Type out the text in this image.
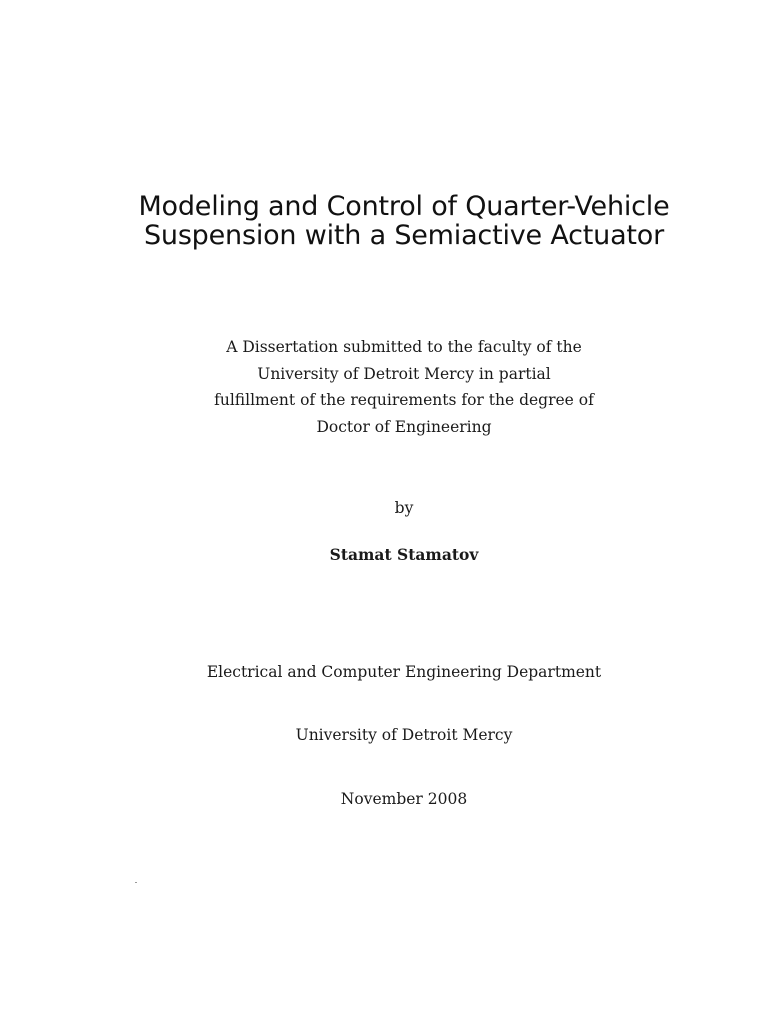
Modeling and Control of Quarter-Vehicle
Suspension with a Semiactive Actuator
A Dissertation submitted to the faculty of the
University of Detroit Mercy in partial
fulfillment of the requirements for the degree of
Doctor of Engineering
by
Stamat Stamatov
Electrical and Computer Engineering Department
University of Detroit Mercy
November 2008
